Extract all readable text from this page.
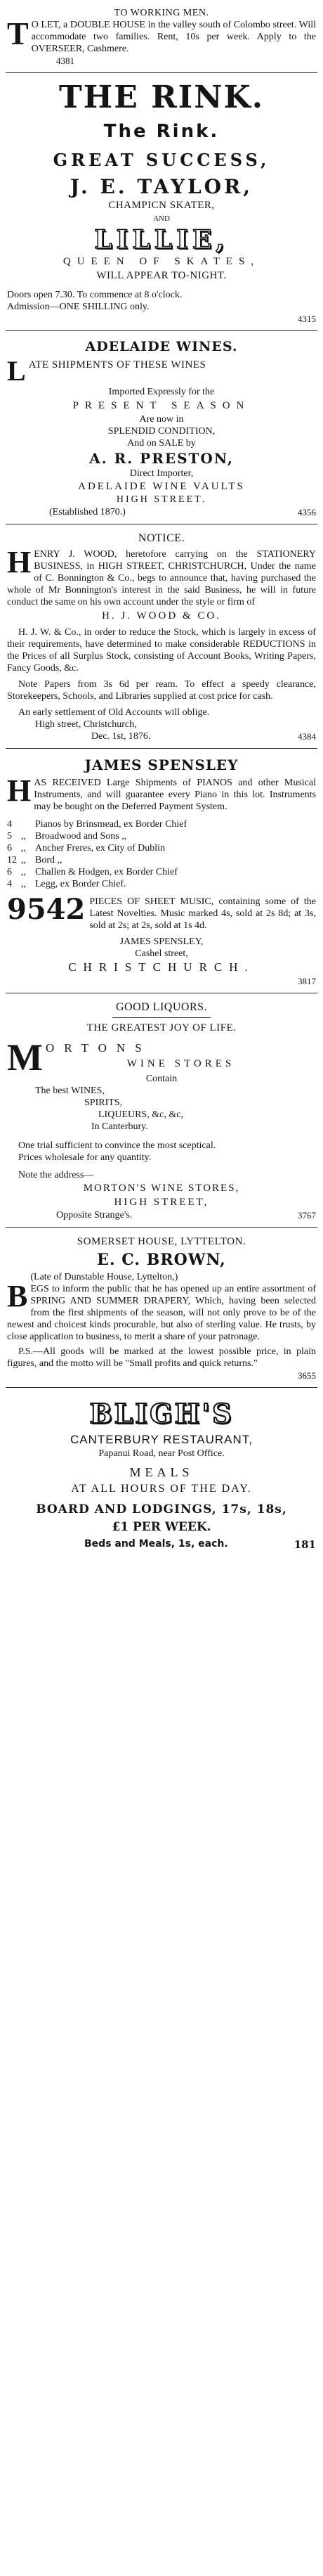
TO WORKING MEN.
T O LET, a DOUBLE HOUSE in the valley south of Colombo street. Will accommodate two families. Rent, 10s per week. Apply to the OVERSEER, Cashmere.
4381
THE RINK.
The Rink.
GREAT SUCCESS,
J. E. TAYLOR,
CHAMPICN SKATER,
AND
LILLIE,
QUEEN OF SKATES,
WILL APPEAR TO-NIGHT.
Doors open 7.30. To commence at 8 o'clock.
Admission—ONE SHILLING only.
4315
ADELAIDE WINES.
L ATE SHIPMENTS OF THESE WINES
Imported Expressly for the
PRESENT SEASON
Are now in
SPLENDID CONDITION,
And on SALE by
A. R. PRESTON,
Direct Importer,
ADELAIDE WINE VAULTS
HIGH STREET.
(Established 1870.)	4356
NOTICE.
H ENRY J. WOOD, heretofore carrying on the STATIONERY BUSINESS, in HIGH STREET, CHRISTCHURCH, Under the name of C. Bonnington & Co., begs to announce that, having purchased the whole of Mr Bonnington's interest in the said Business, he will in future conduct the same on his own account under the style or firm of
H. J. WOOD & CO.
H. J. W. & Co., in order to reduce the Stock, which is largely in excess of their requirements, have determined to make considerable REDUCTIONS in the Prices of all Surplus Stock, consisting of Account Books, Writing Papers, Fancy Goods, &c.
Note Papers from 3s 6d per ream. To effect a speedy clearance, Storekeepers, Schools, and Libraries supplied at cost price for cash.
An early settlement of Old Accounts will oblige.
High street, Christchurch,
Dec. 1st, 1876.	4384
JAMES SPENSLEY
H AS RECEIVED Large Shipments of PIANOS and other Musical Instruments, and will guarantee every Piano in this lot. Instruments may be bought on the Deferred Payment System.
4	Pianos by Brinsmead, ex Border Chief
5 ,, Broadwood and Sons ,,
6 ,, Ancher Freres, ex City of Dublin
12 ,, Bord ,,
6 ,, Challen & Hodgen, ex Border Chief
4 ,, Legg, ex Border Chief.
9542 PIECES OF SHEET MUSIC, containing some of the Latest Novelties. Music marked 4s, sold at 2s 8d; at 3s, sold at 2s; at 2s, sold at 1s 4d.
JAMES SPENSLEY,
Cashel street,
CHRISTCHURCH.
3817
GOOD LIQUORS.
THE GREATEST JOY OF LIFE.
M ORTONS
WINE STORES
Contain
The best WINES,
SPIRITS,
LIQUEURS, &c, &c,
In Canterbury.
One trial sufficient to convince the most sceptical.
Prices wholesale for any quantity.
Note the address—
MORTON'S WINE STORES,
HIGH STREET,
Opposite Strange's.	3767
SOMERSET HOUSE, LYTTELTON.
E. C. BROWN,
B
(Late of Dunstable House, Lyttelton,)
EGS to inform the public that he has opened up an entire assortment of SPRING AND SUMMER DRAPERY, Which, having been selected from the first shipments of the season, will not only prove to be of the newest and choicest kinds procurable, but also of sterling value. He trusts, by close application to business, to merit a share of your patronage.
P.S.—All goods will be marked at the lowest possible price, in plain figures, and the motto will be "Small profits and quick returns."
3655
BLIGH'S
CANTERBURY RESTAURANT,
Papanui Road, near Post Office.
MEALS
AT ALL HOURS OF THE DAY.
BOARD AND LODGINGS, 17s, 18s,
£1 PER WEEK.
Beds and Meals, 1s, each.	181
